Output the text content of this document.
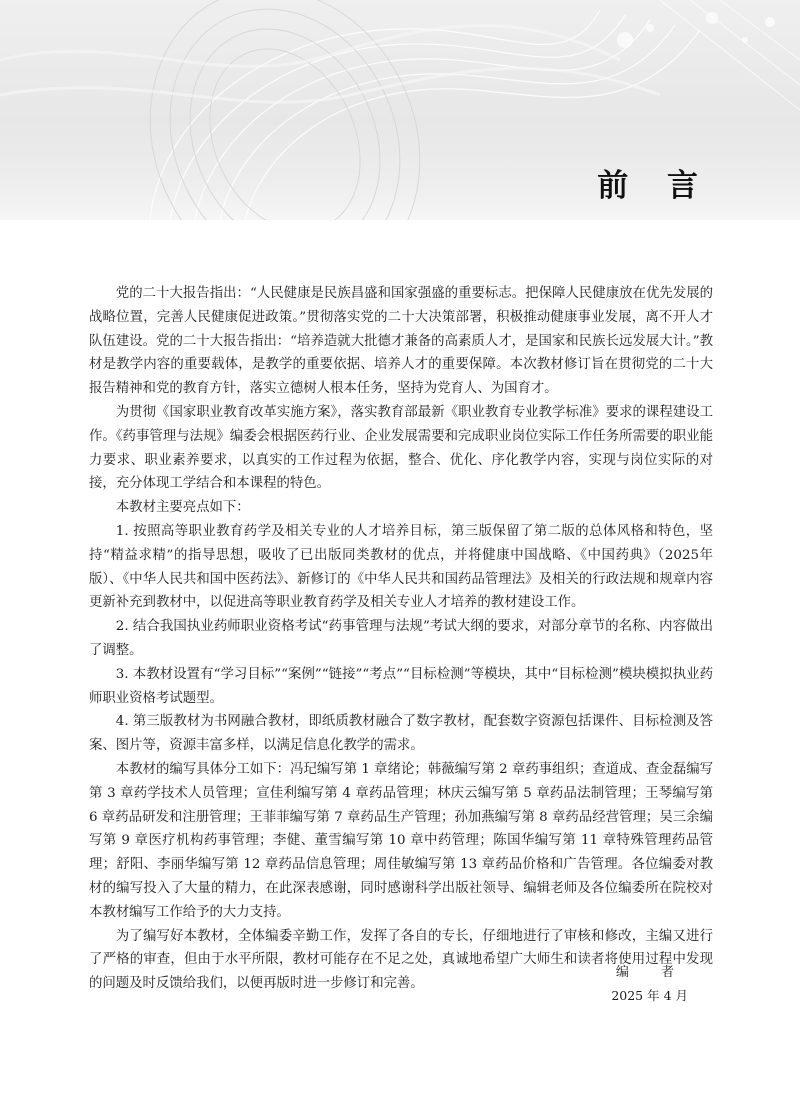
前 言

党的二十大报告指出：“人民健康是民族昌盛和国家强盛的重要标志。把保障人民健康放在优先发展的战略位置，完善人民健康促进政策。”贯彻落实党的二十大决策部署，积极推动健康事业发展，离不开人才队伍建设。党的二十大报告指出：“培养造就大批德才兼备的高素质人才，是国家和民族长远发展大计。”教材是教学内容的重要载体，是教学的重要依据、培养人才的重要保障。本次教材修订旨在贯彻党的二十大报告精神和党的教育方针，落实立德树人根本任务，坚持为党育人、为国育才。

为贯彻《国家职业教育改革实施方案》，落实教育部最新《职业教育专业教学标准》要求的课程建设工作。《药事管理与法规》编委会根据医药行业、企业发展需要和完成职业岗位实际工作任务所需要的职业能力要求、职业素养要求，以真实的工作过程为依据，整合、优化、序化教学内容，实现与岗位实际的对接，充分体现工学结合和本课程的特色。

本教材主要亮点如下：

1. 按照高等职业教育药学及相关专业的人才培养目标，第三版保留了第二版的总体风格和特色，坚持“精益求精”的指导思想，吸收了已出版同类教材的优点，并将健康中国战略、《中国药典》（2025年版）、《中华人民共和国中医药法》、新修订的《中华人民共和国药品管理法》及相关的行政法规和规章内容更新补充到教材中，以促进高等职业教育药学及相关专业人才培养的教材建设工作。

2. 结合我国执业药师职业资格考试“药事管理与法规”考试大纲的要求，对部分章节的名称、内容做出了调整。

3. 本教材设置有“学习目标”“案例”“链接”“考点”“目标检测”等模块，其中“目标检测”模块模拟执业药师职业资格考试题型。

4. 第三版教材为书网融合教材，即纸质教材融合了数字教材，配套数字资源包括课件、目标检测及答案、图片等，资源丰富多样，以满足信息化教学的需求。

本教材的编写具体分工如下：冯玘编写第 1 章绪论；韩薇编写第 2 章药事组织；查道成、查金磊编写第 3 章药学技术人员管理；宣佳利编写第 4 章药品管理；林庆云编写第 5 章药品法制管理；王琴编写第 6 章药品研发和注册管理；王菲菲编写第 7 章药品生产管理；孙加燕编写第 8 章药品经营管理；吴三余编写第 9 章医疗机构药事管理；李健、董雪编写第 10 章中药管理；陈国华编写第 11 章特殊管理药品管理；舒阳、李丽华编写第 12 章药品信息管理；周佳敏编写第 13 章药品价格和广告管理。各位编委对教材的编写投入了大量的精力，在此深表感谢，同时感谢科学出版社领导、编辑老师及各位编委所在院校对本教材编写工作给予的大力支持。

为了编写好本教材，全体编委辛勤工作，发挥了各自的专长，仔细地进行了审核和修改，主编又进行了严格的审查，但由于水平所限，教材可能存在不足之处，真诚地希望广大师生和读者将使用过程中发现的问题及时反馈给我们，以便再版时进一步修订和完善。

编 者

2025 年 4 月
